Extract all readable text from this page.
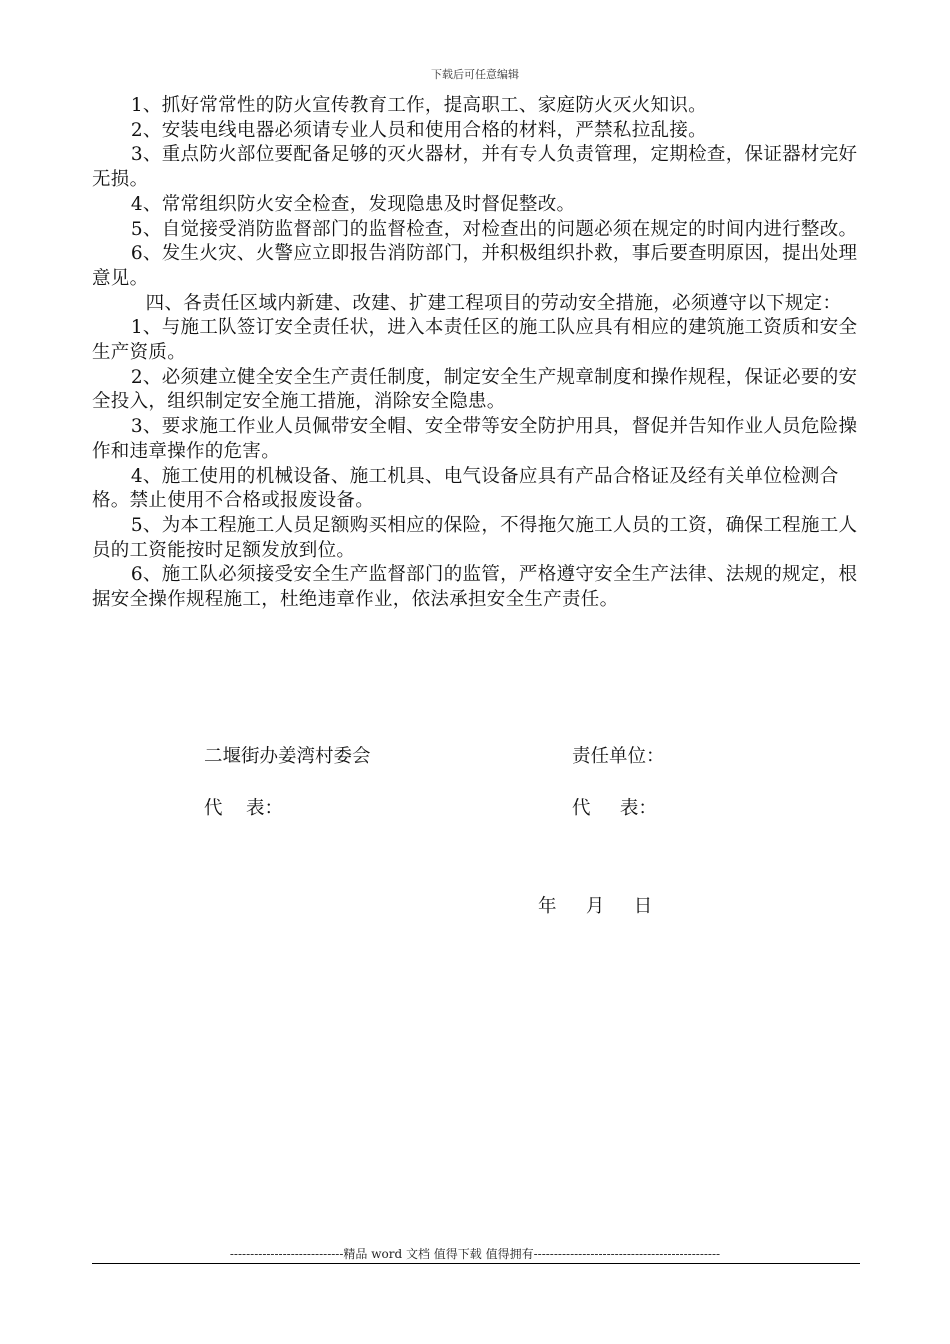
下载后可任意编辑

1、抓好常常性的防火宣传教育工作，提高职工、家庭防火灭火知识。

2、安装电线电器必须请专业人员和使用合格的材料，严禁私拉乱接。

3、重点防火部位要配备足够的灭火器材，并有专人负责管理，定期检查，保证器材完好无损。

4、常常组织防火安全检查，发现隐患及时督促整改。

5、自觉接受消防监督部门的监督检查，对检查出的问题必须在规定的时间内进行整改。

6、发生火灾、火警应立即报告消防部门，并积极组织扑救，事后要查明原因，提出处理意见。

四、各责任区域内新建、改建、扩建工程项目的劳动安全措施，必须遵守以下规定：

1、与施工队签订安全责任状，进入本责任区的施工队应具有相应的建筑施工资质和安全生产资质。

2、必须建立健全安全生产责任制度，制定安全生产规章制度和操作规程，保证必要的安全投入，组织制定安全施工措施，消除安全隐患。

3、要求施工作业人员佩带安全帽、安全带等安全防护用具，督促并告知作业人员危险操作和违章操作的危害。

4、施工使用的机械设备、施工机具、电气设备应具有产品合格证及经有关单位检测合格。禁止使用不合格或报废设备。

5、为本工程施工人员足额购买相应的保险，不得拖欠施工人员的工资，确保工程施工人员的工资能按时足额发放到位。

6、施工队必须接受安全生产监督部门的监管，严格遵守安全生产法律、法规的规定，根据安全操作规程施工，杜绝违章作业，依法承担安全生产责任。

二堰街办姜湾村委会	责任单位：
代    表：	代     表：
年     月     日
----------------------------精品 word 文档 值得下载 值得拥有----------------------------------------------
